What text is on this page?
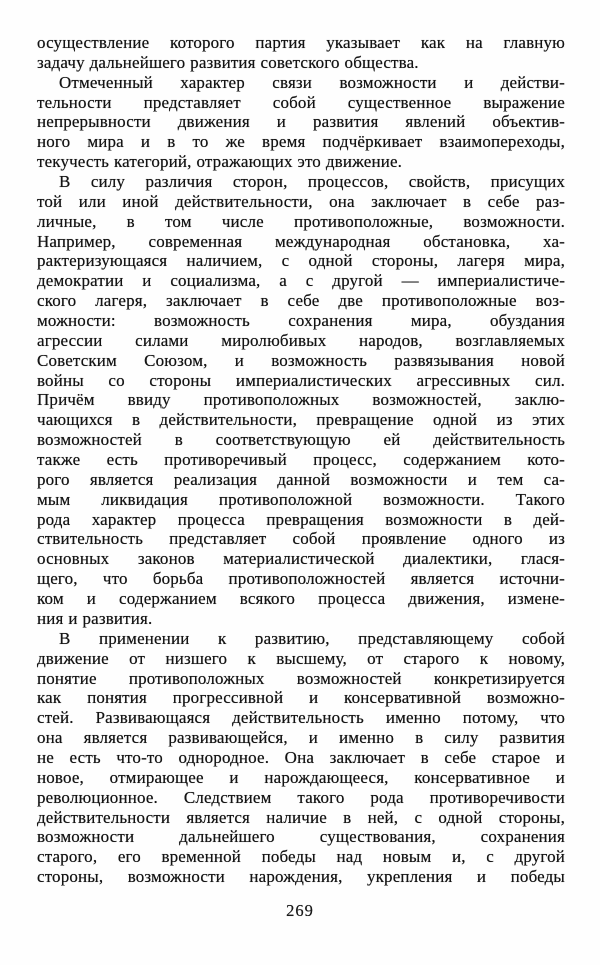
осуществление которого партия указывает как на главную
задачу дальнейшего развития советского общества.
Отмеченный характер связи возможности и действи-
тельности представляет собой существенное выражение
непрерывности движения и развития явлений объектив-
ного мира и в то же время подчёркивает взаимопереходы,
текучесть категорий, отражающих это движение.
В силу различия сторон, процессов, свойств, присущих
той или иной действительности, она заключает в себе раз-
личные, в том числе противоположные, возможности.
Например, современная международная обстановка, ха-
рактеризующаяся наличием, с одной стороны, лагеря мира,
демократии и социализма, а с другой — империалистиче-
ского лагеря, заключает в себе две противоположные воз-
можности: возможность сохранения мира, обуздания
агрессии силами миролюбивых народов, возглавляемых
Советским Союзом, и возможность развязывания новой
войны со стороны империалистических агрессивных сил.
Причём ввиду противоположных возможностей, заклю-
чающихся в действительности, превращение одной из этих
возможностей в соответствующую ей действительность
также есть противоречивый процесс, содержанием кото-
рого является реализация данной возможности и тем са-
мым ликвидация противоположной возможности. Такого
рода характер процесса превращения возможности в дей-
ствительность представляет собой проявление одного из
основных законов материалистической диалектики, глася-
щего, что борьба противоположностей является источни-
ком и содержанием всякого процесса движения, измене-
ния и развития.
В применении к развитию, представляющему собой
движение от низшего к высшему, от старого к новому,
понятие противоположных возможностей конкретизируется
как понятия прогрессивной и консервативной возможно-
стей. Развивающаяся действительность именно потому, что
она является развивающейся, и именно в силу развития
не есть что-то однородное. Она заключает в себе старое и
новое, отмирающее и нарождающееся, консервативное и
революционное. Следствием такого рода противоречивости
действительности является наличие в ней, с одной стороны,
возможности дальнейшего существования, сохранения
старого, его временной победы над новым и, с другой
стороны, возможности нарождения, укрепления и победы
269
